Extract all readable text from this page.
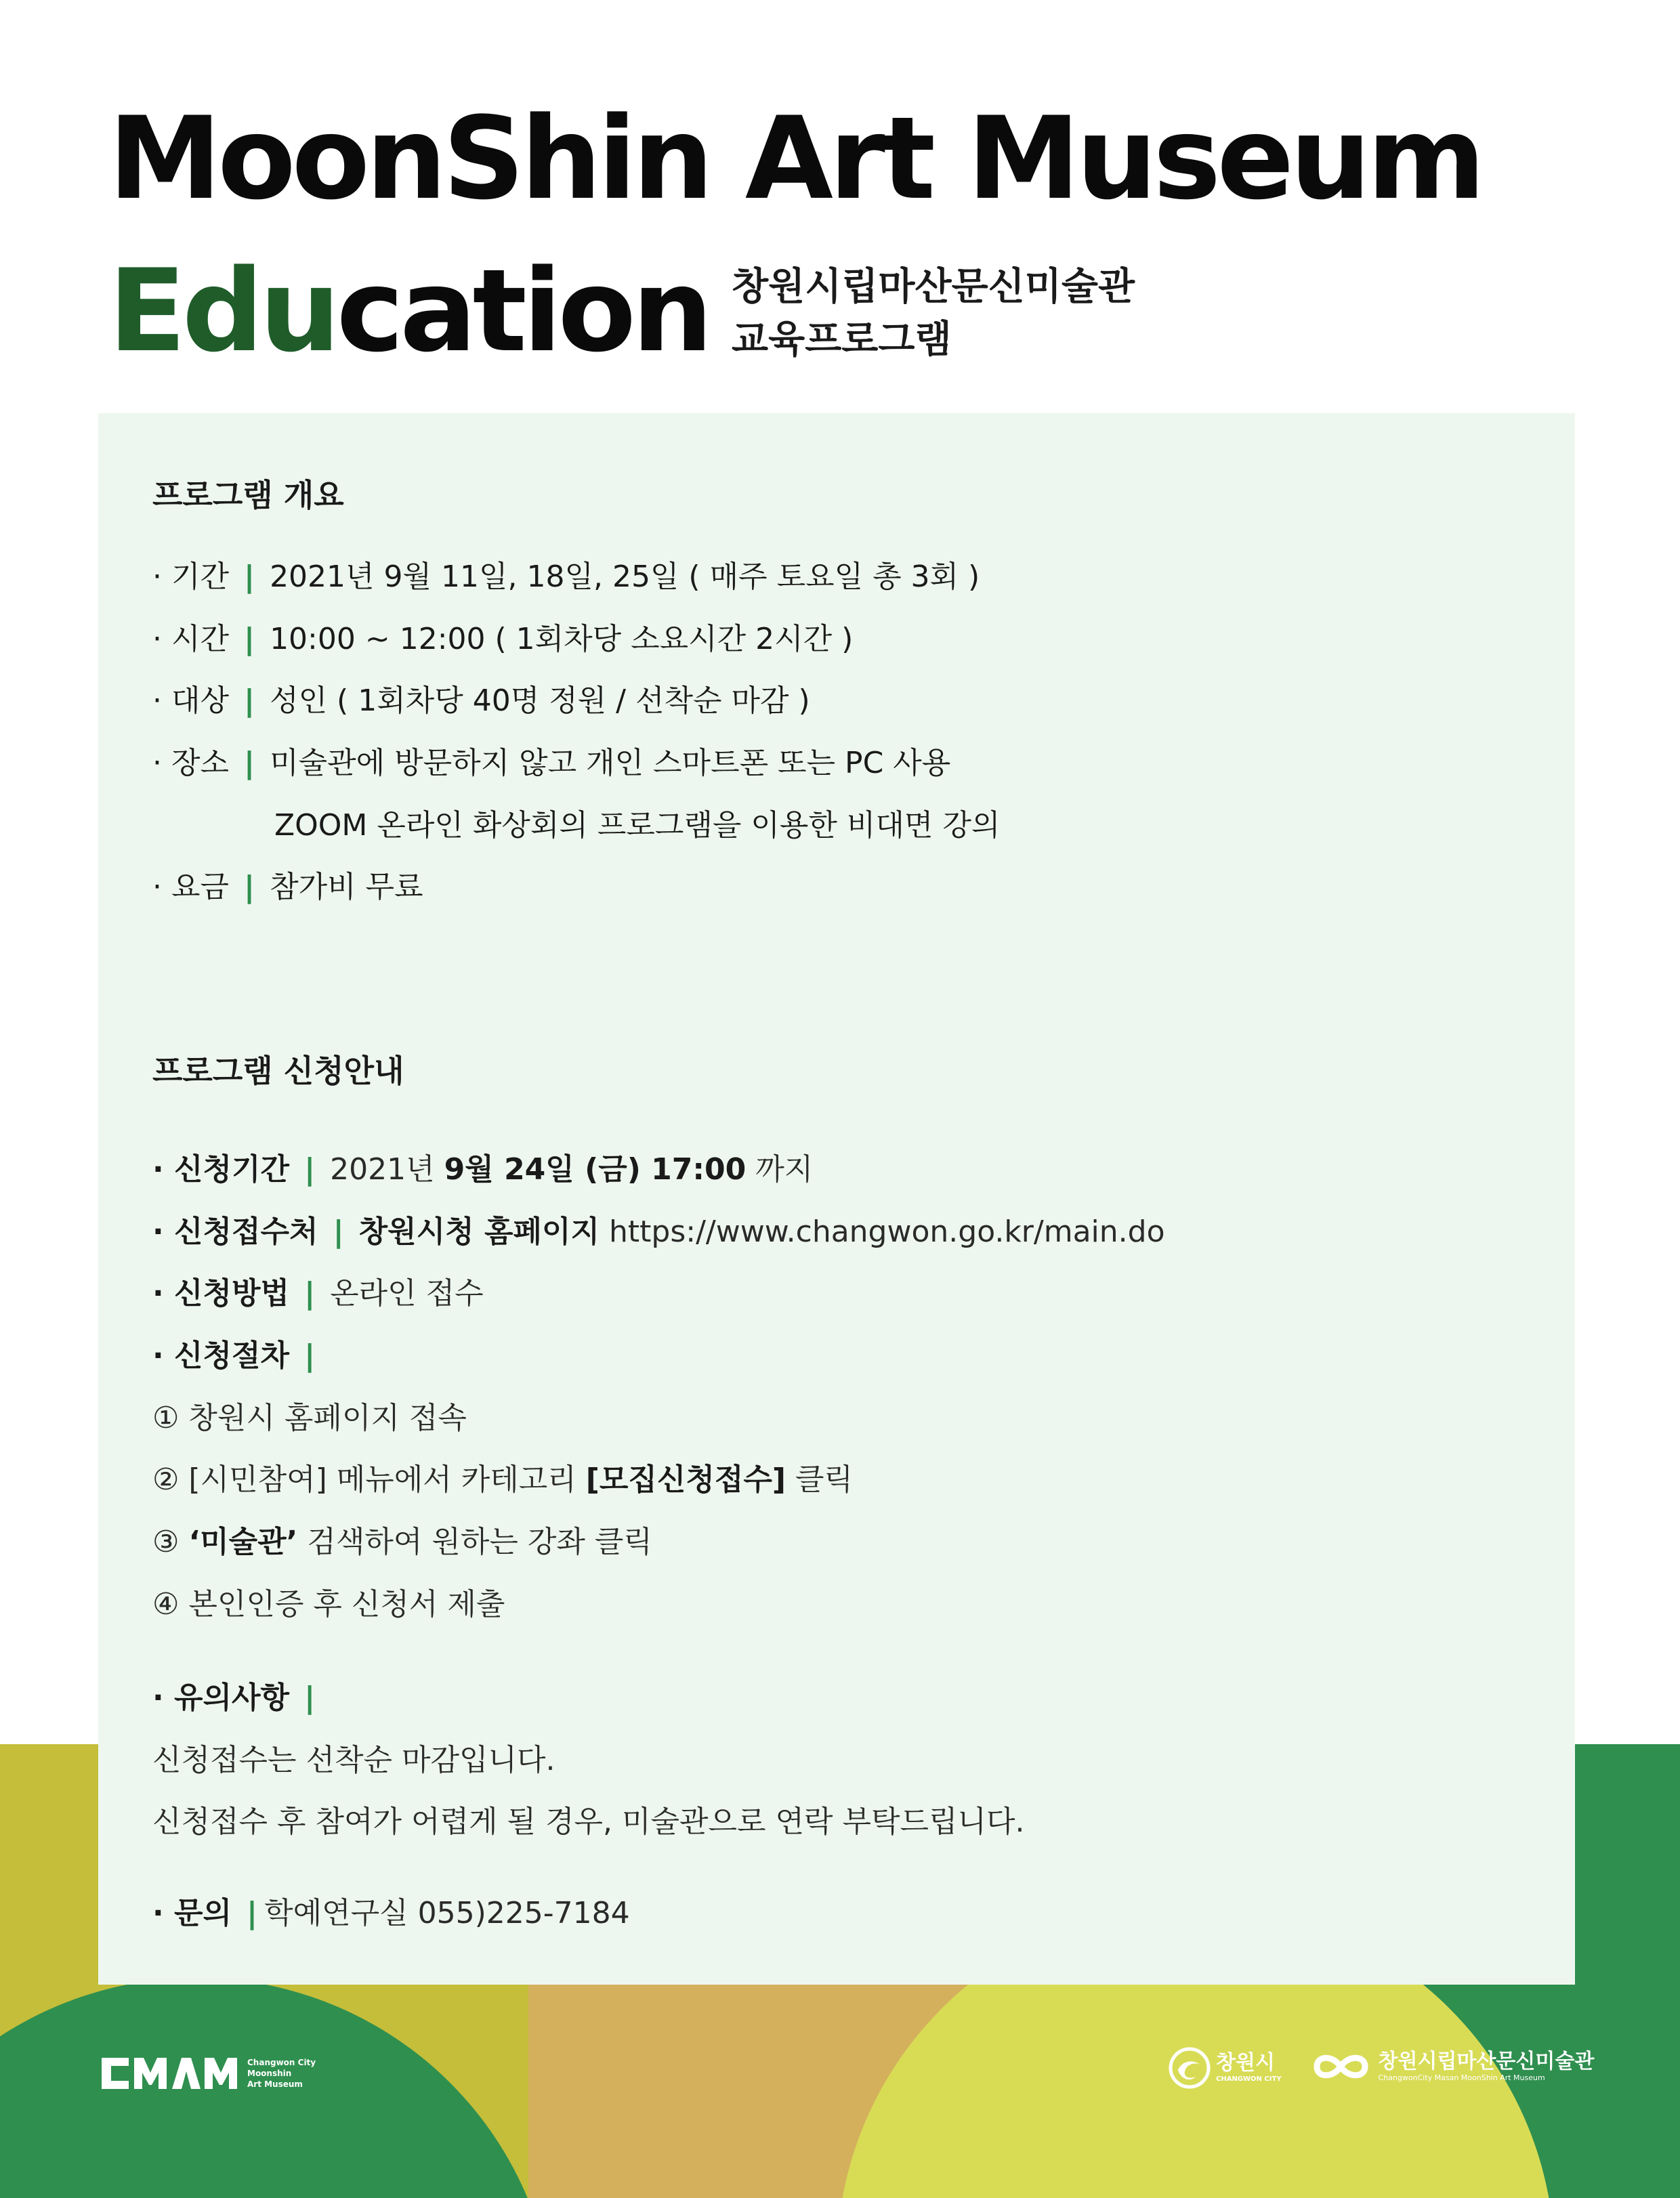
MoonShin Art Museum
Education 창원시립마산문신미술관
교육프로그램
프로그램 개요
· 기간 | 2021년 9월 11일, 18일, 25일 ( 매주 토요일 총 3회 )
· 시간 | 10:00 ~ 12:00 ( 1회차당 소요시간 2시간 )
· 대상 | 성인 ( 1회차당 40명 정원 / 선착순 마감 )
· 장소 | 미술관에 방문하지 않고 개인 스마트폰 또는 PC 사용
ZOOM 온라인 화상회의 프로그램을 이용한 비대면 강의
· 요금 | 참가비 무료
프로그램 신청안내
· 신청기간 | 2021년 9월 24일 (금) 17:00 까지
· 신청접수처 | 창원시청 홈페이지 https://www.changwon.go.kr/main.do
· 신청방법 | 온라인 접수
· 신청절차 |
① 창원시 홈페이지 접속
② [시민참여] 메뉴에서 카테고리 [모집신청접수] 클릭
③ ‘미술관’ 검색하여 원하는 강좌 클릭
④ 본인인증 후 신청서 제출
· 유의사항 |
신청접수는 선착순 마감입니다.
신청접수 후 참여가 어렵게 될 경우, 미술관으로 연락 부탁드립니다.
· 문의 | 학예연구실 055)225-7184
Changwon City
Moonshin
Art Museum
창원시
CHANGWON CITY
창원시립마산문신미술관
ChangwonCity Masan MoonShin Art Museum
